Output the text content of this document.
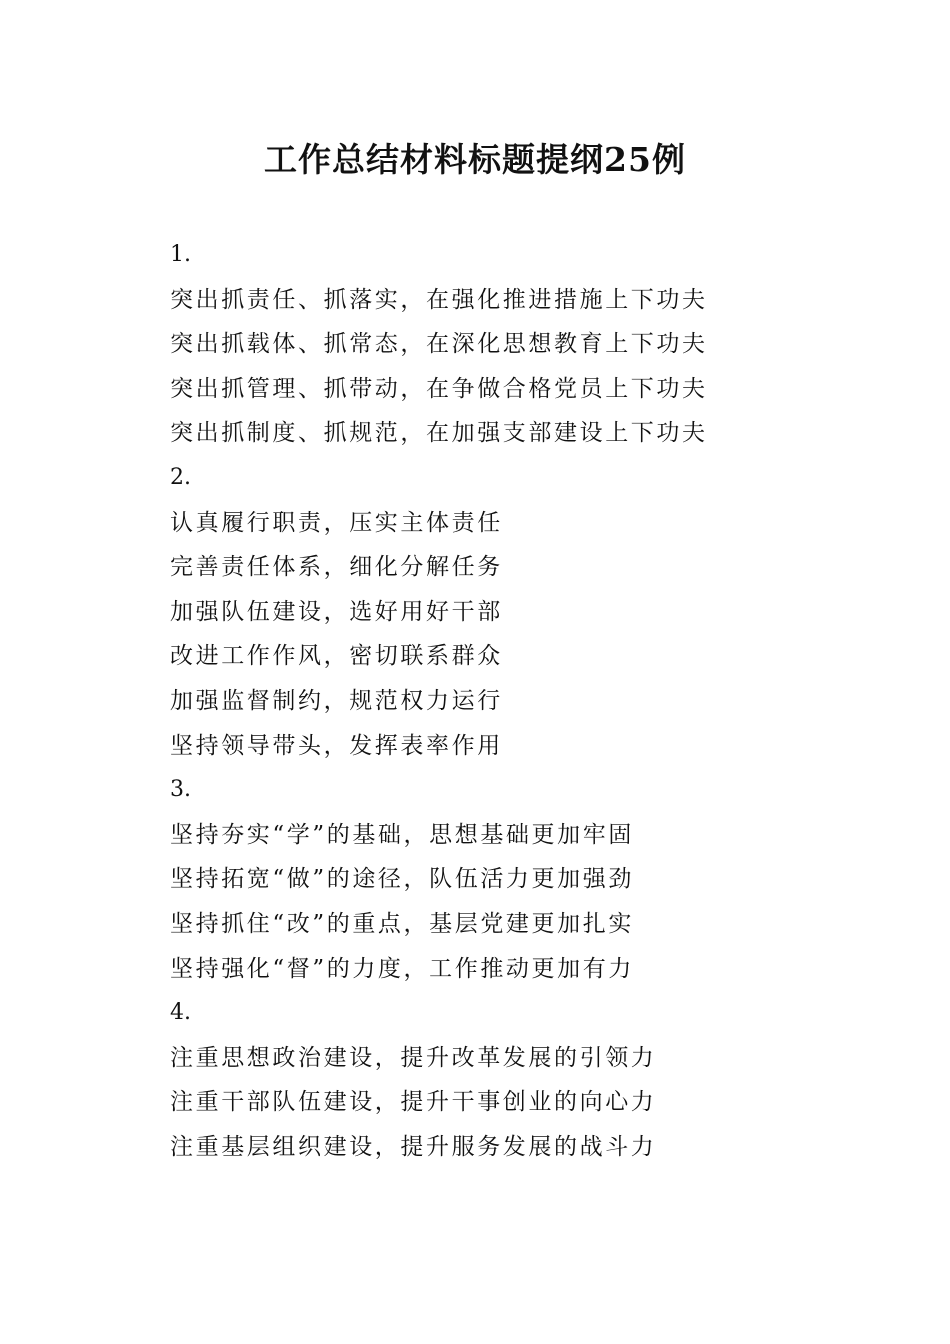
工作总结材料标题提纲25例
1.
突出抓责任、抓落实，在强化推进措施上下功夫
突出抓载体、抓常态，在深化思想教育上下功夫
突出抓管理、抓带动，在争做合格党员上下功夫
突出抓制度、抓规范，在加强支部建设上下功夫
2.
认真履行职责，压实主体责任
完善责任体系，细化分解任务
加强队伍建设，选好用好干部
改进工作作风，密切联系群众
加强监督制约，规范权力运行
坚持领导带头，发挥表率作用
3.
坚持夯实“学”的基础，思想基础更加牢固
坚持拓宽“做”的途径，队伍活力更加强劲
坚持抓住“改”的重点，基层党建更加扎实
坚持强化“督”的力度，工作推动更加有力
4.
注重思想政治建设，提升改革发展的引领力
注重干部队伍建设，提升干事创业的向心力
注重基层组织建设，提升服务发展的战斗力
